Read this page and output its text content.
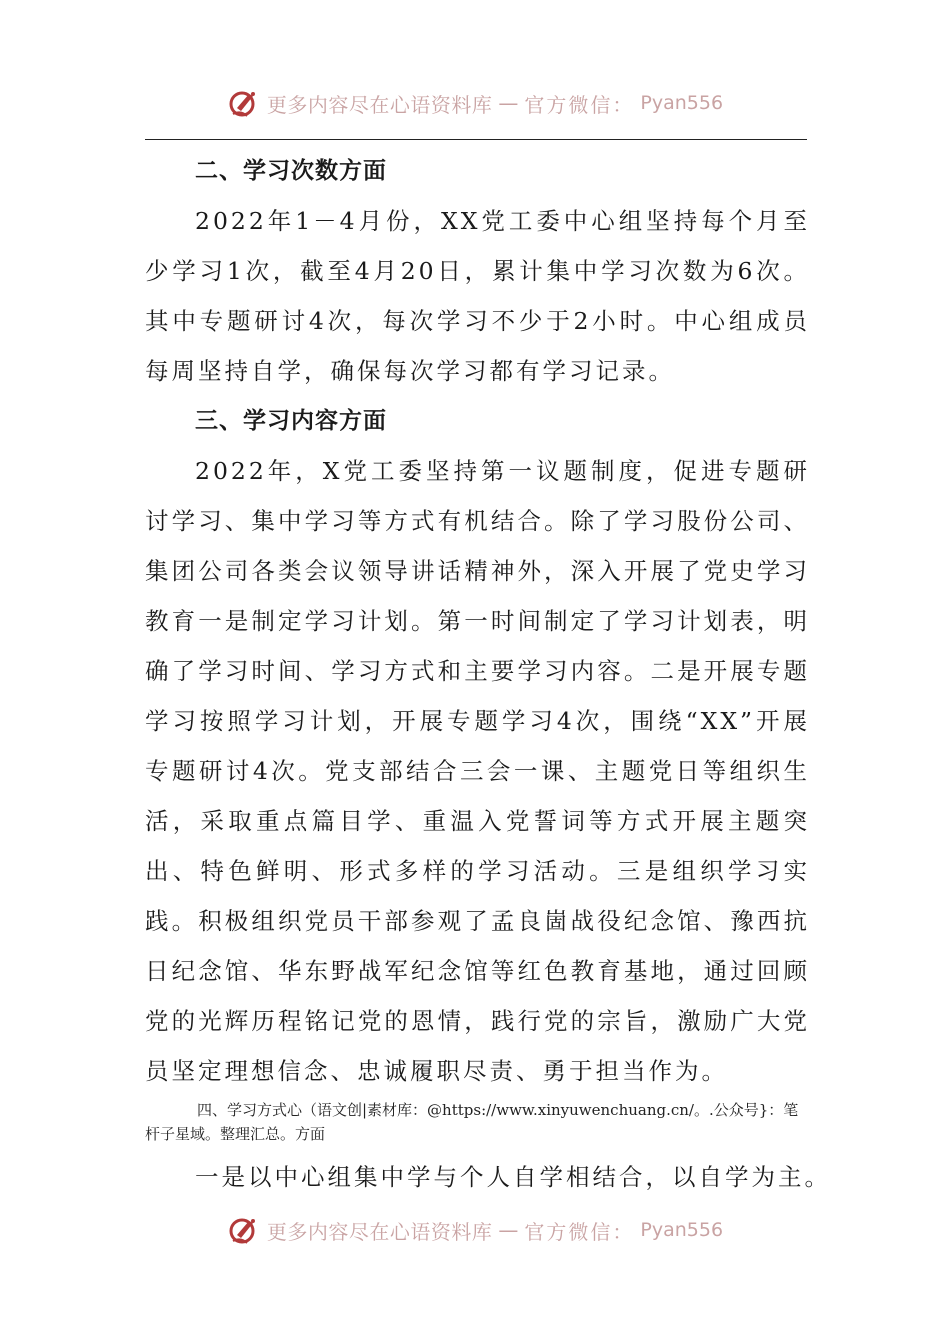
更多内容尽在心语资料库 — 官方微信： Pyan556
二、学习次数方面

2022年1－4月份，XX党工委中心组坚持每个月至少学习1次，截至4月20日，累计集中学习次数为6次。其中专题研讨4次，每次学习不少于2小时。中心组成员每周坚持自学，确保每次学习都有学习记录。

三、学习内容方面

2022年，X党工委坚持第一议题制度，促进专题研讨学习、集中学习等方式有机结合。除了学习股份公司、集团公司各类会议领导讲话精神外，深入开展了党史学习教育一是制定学习计划。第一时间制定了学习计划表，明确了学习时间、学习方式和主要学习内容。二是开展专题学习按照学习计划，开展专题学习4次，围绕“XX”开展专题研讨4次。党支部结合三会一课、主题党日等组织生活，采取重点篇目学、重温入党誓词等方式开展主题突出、特色鲜明、形式多样的学习活动。三是组织学习实践。积极组织党员干部参观了孟良崮战役纪念馆、豫西抗日纪念馆、华东野战军纪念馆等红色教育基地，通过回顾党的光辉历程铭记党的恩情，践行党的宗旨，激励广大党员坚定理想信念、忠诚履职尽责、勇于担当作为。

四、学习方式心（语文创|素材库：@https://www.xinyuwenchuang.cn/。.公众号}：笔杆子星域。整理汇总。方面

一是以中心组集中学与个人自学相结合，以自学为主。

更多内容尽在心语资料库 — 官方微信： Pyan556
